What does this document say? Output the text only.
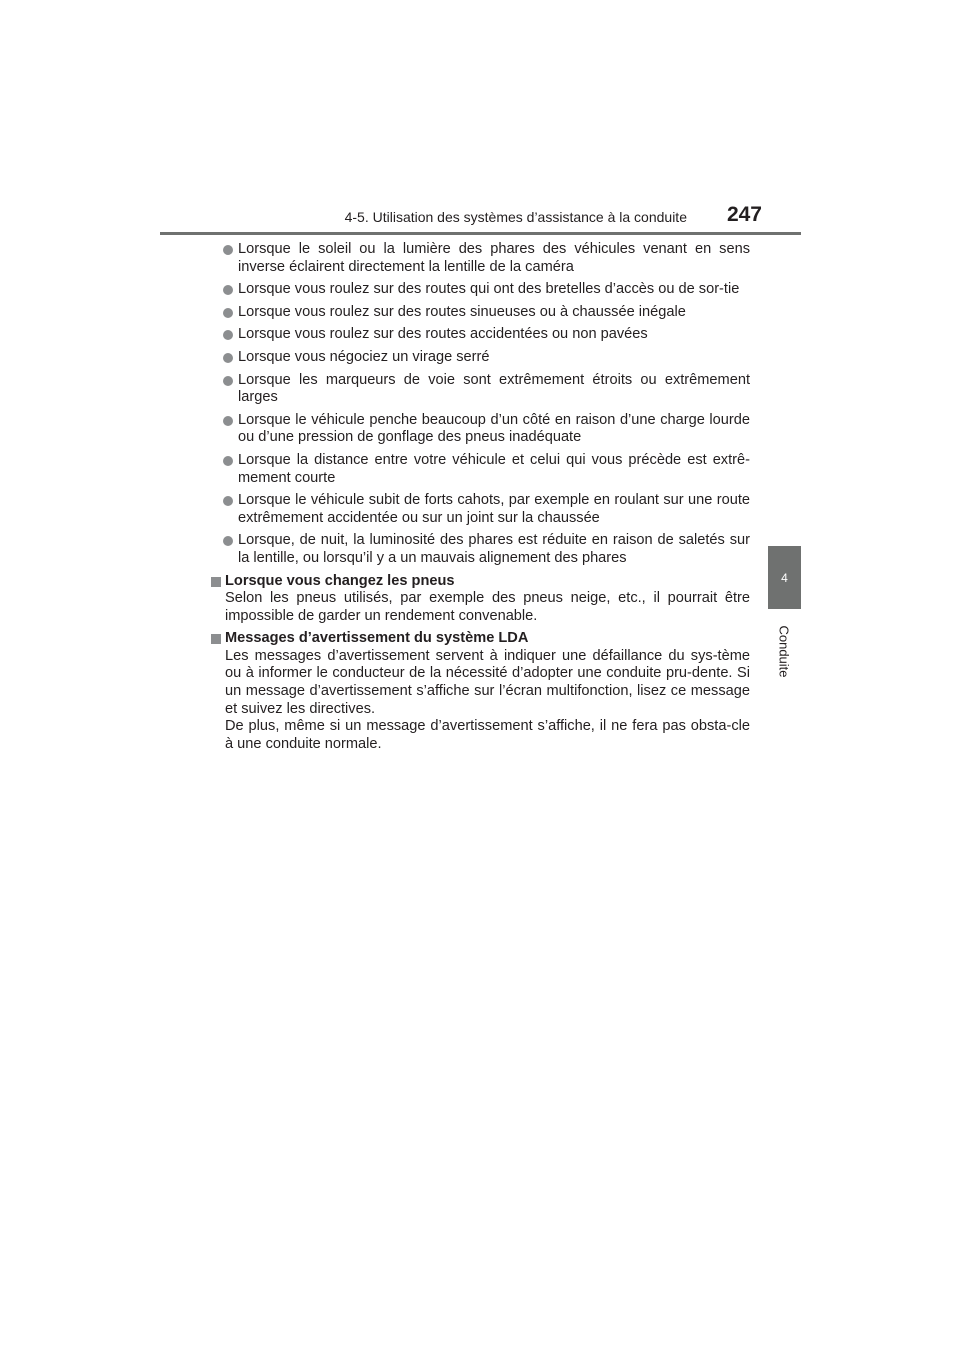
4-5. Utilisation des systèmes d’assistance à la conduite 247
4
Conduite
Lorsque le soleil ou la lumière des phares des véhicules venant en sens inverse éclairent directement la lentille de la caméra
Lorsque vous roulez sur des routes qui ont des bretelles d’accès ou de sor-tie
Lorsque vous roulez sur des routes sinueuses ou à chaussée inégale
Lorsque vous roulez sur des routes accidentées ou non pavées
Lorsque vous négociez un virage serré
Lorsque les marqueurs de voie sont extrêmement étroits ou extrêmement larges
Lorsque le véhicule penche beaucoup d’un côté en raison d’une charge lourde ou d’une pression de gonflage des pneus inadéquate
Lorsque la distance entre votre véhicule et celui qui vous précède est extrê-mement courte
Lorsque le véhicule subit de forts cahots, par exemple en roulant sur une route extrêmement accidentée ou sur un joint sur la chaussée
Lorsque, de nuit, la luminosité des phares est réduite en raison de saletés sur la lentille, ou lorsqu’il y a un mauvais alignement des phares
Lorsque vous changez les pneus

Selon les pneus utilisés, par exemple des pneus neige, etc., il pourrait être impossible de garder un rendement convenable.

Messages d’avertissement du système LDA

Les messages d’avertissement servent à indiquer une défaillance du sys-tème ou à informer le conducteur de la nécessité d’adopter une conduite pru-dente. Si un message d’avertissement s’affiche sur l’écran multifonction, lisez ce message et suivez les directives.

De plus, même si un message d’avertissement s’affiche, il ne fera pas obsta-cle à une conduite normale.
